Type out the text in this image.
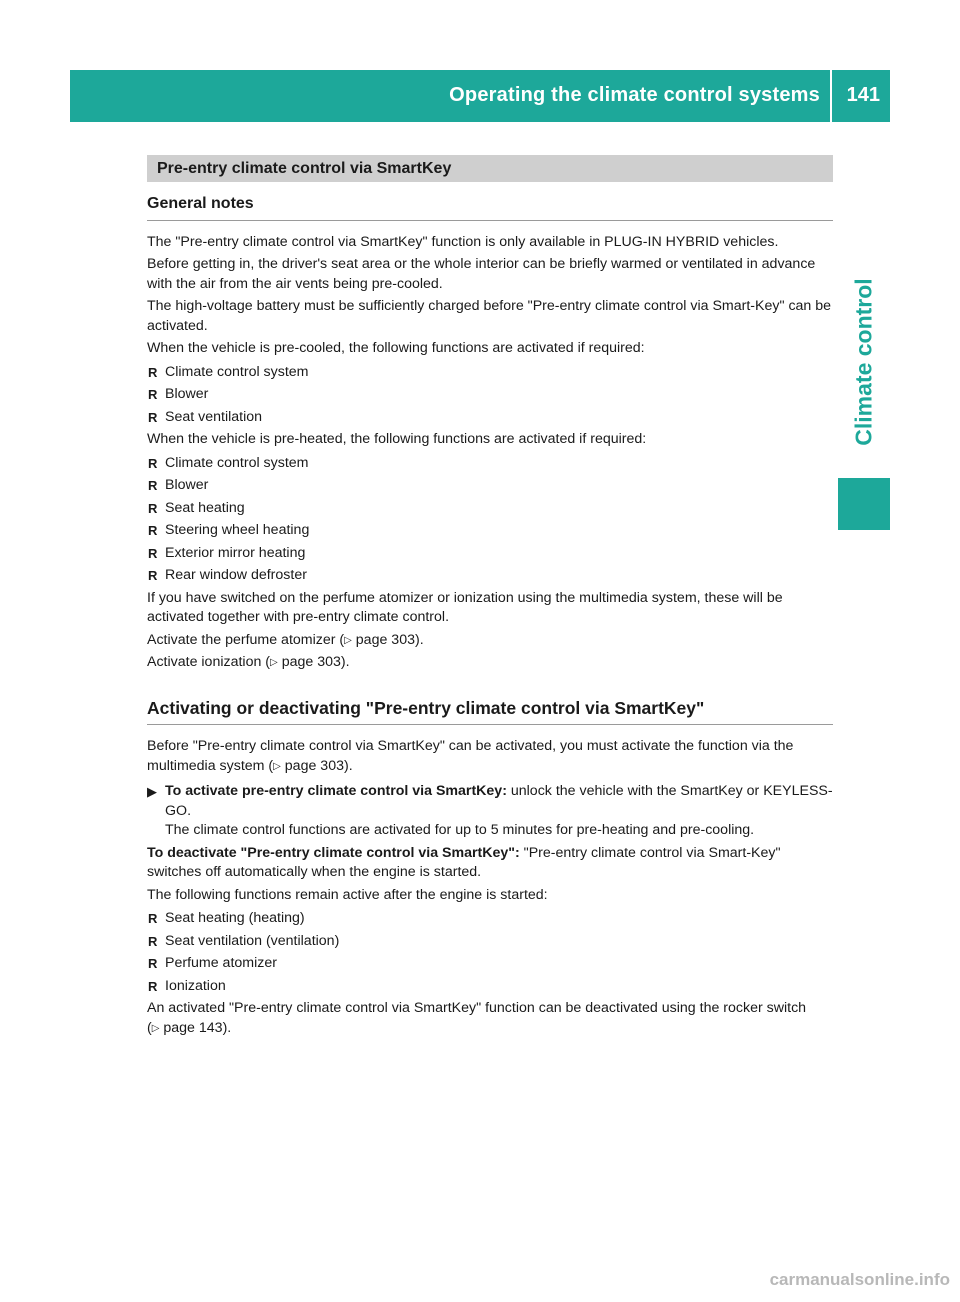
Operating the climate control systems 141
Climate control
Pre-entry climate control via SmartKey
General notes

The "Pre-entry climate control via SmartKey" function is only available in PLUG-IN HYBRID vehicles.

Before getting in, the driver's seat area or the whole interior can be briefly warmed or ventilated in advance with the air from the air vents being pre-cooled.

The high-voltage battery must be sufficiently charged before "Pre-entry climate control via Smart-Key" can be activated.

When the vehicle is pre-cooled, the following functions are activated if required:

R Climate control system
R Blower
R Seat ventilation

When the vehicle is pre-heated, the following functions are activated if required:

R Climate control system
R Blower
R Seat heating
R Steering wheel heating
R Exterior mirror heating
R Rear window defroster

If you have switched on the perfume atomizer or ionization using the multimedia system, these will be activated together with pre-entry climate control.

Activate the perfume atomizer (▷ page 303).

Activate ionization (▷ page 303).

Activating or deactivating "Pre-entry climate control via SmartKey"

Before "Pre-entry climate control via SmartKey" can be activated, you must activate the function via the multimedia system (▷ page 303).

▶ To activate pre-entry climate control via SmartKey: unlock the vehicle with the SmartKey or KEYLESS-GO.
The climate control functions are activated for up to 5 minutes for pre-heating and pre-cooling.

To deactivate "Pre-entry climate control via SmartKey": "Pre-entry climate control via Smart-Key" switches off automatically when the engine is started.

The following functions remain active after the engine is started:

R Seat heating (heating)
R Seat ventilation (ventilation)
R Perfume atomizer
R Ionization

An activated "Pre-entry climate control via SmartKey" function can be deactivated using the rocker switch (▷ page 143).

carmanualsonline.info
